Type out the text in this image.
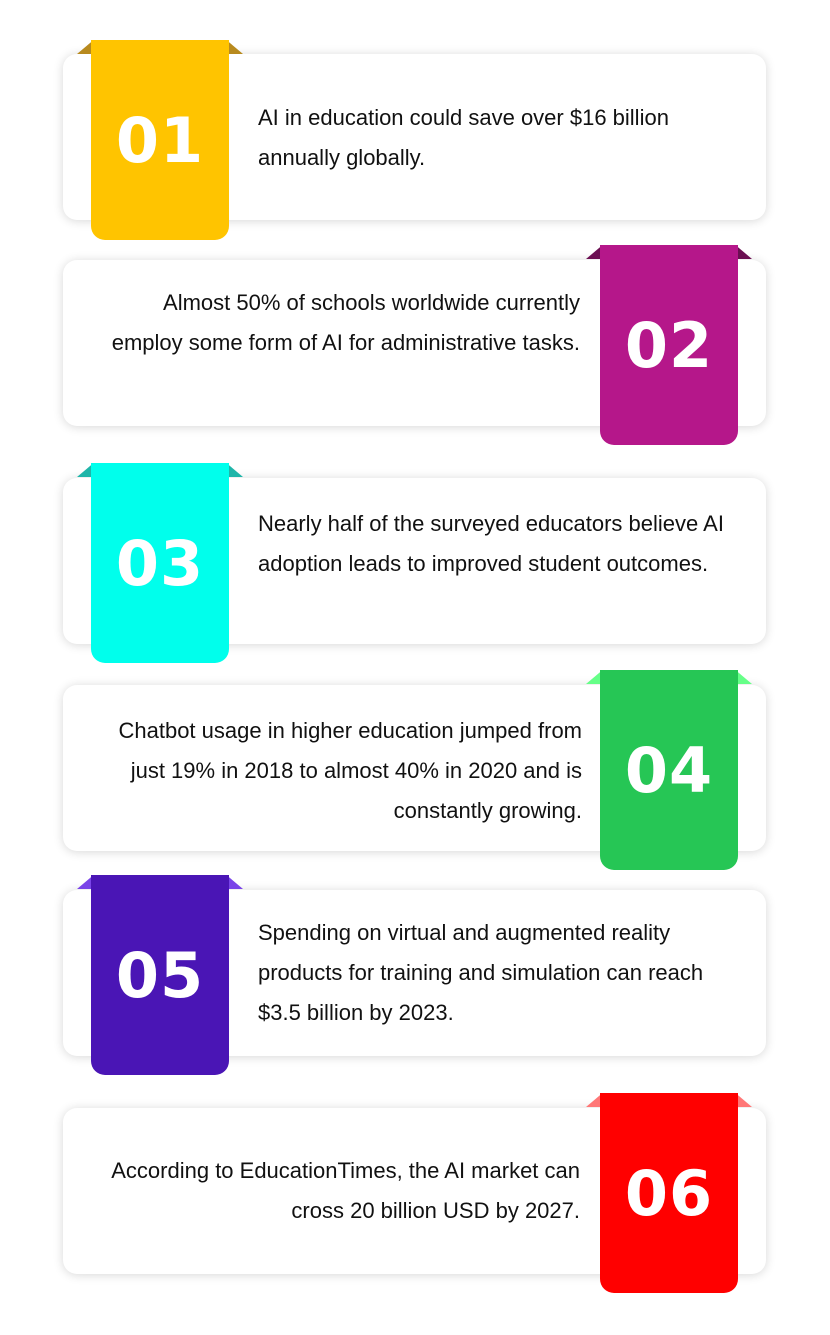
01 AI in education could save over $16 billion annually globally.
02
Almost 50% of schools worldwide currently employ some form of AI for administrative tasks.
03
Nearly half of the surveyed educators believe AI adoption leads to improved student outcomes.
04
Chatbot usage in higher education jumped from just 19% in 2018 to almost 40% in 2020 and is constantly growing.
05
Spending on virtual and augmented reality products for training and simulation can reach $3.5 billion by 2023.
06
According to EducationTimes, the AI market can cross 20 billion USD by 2027.
